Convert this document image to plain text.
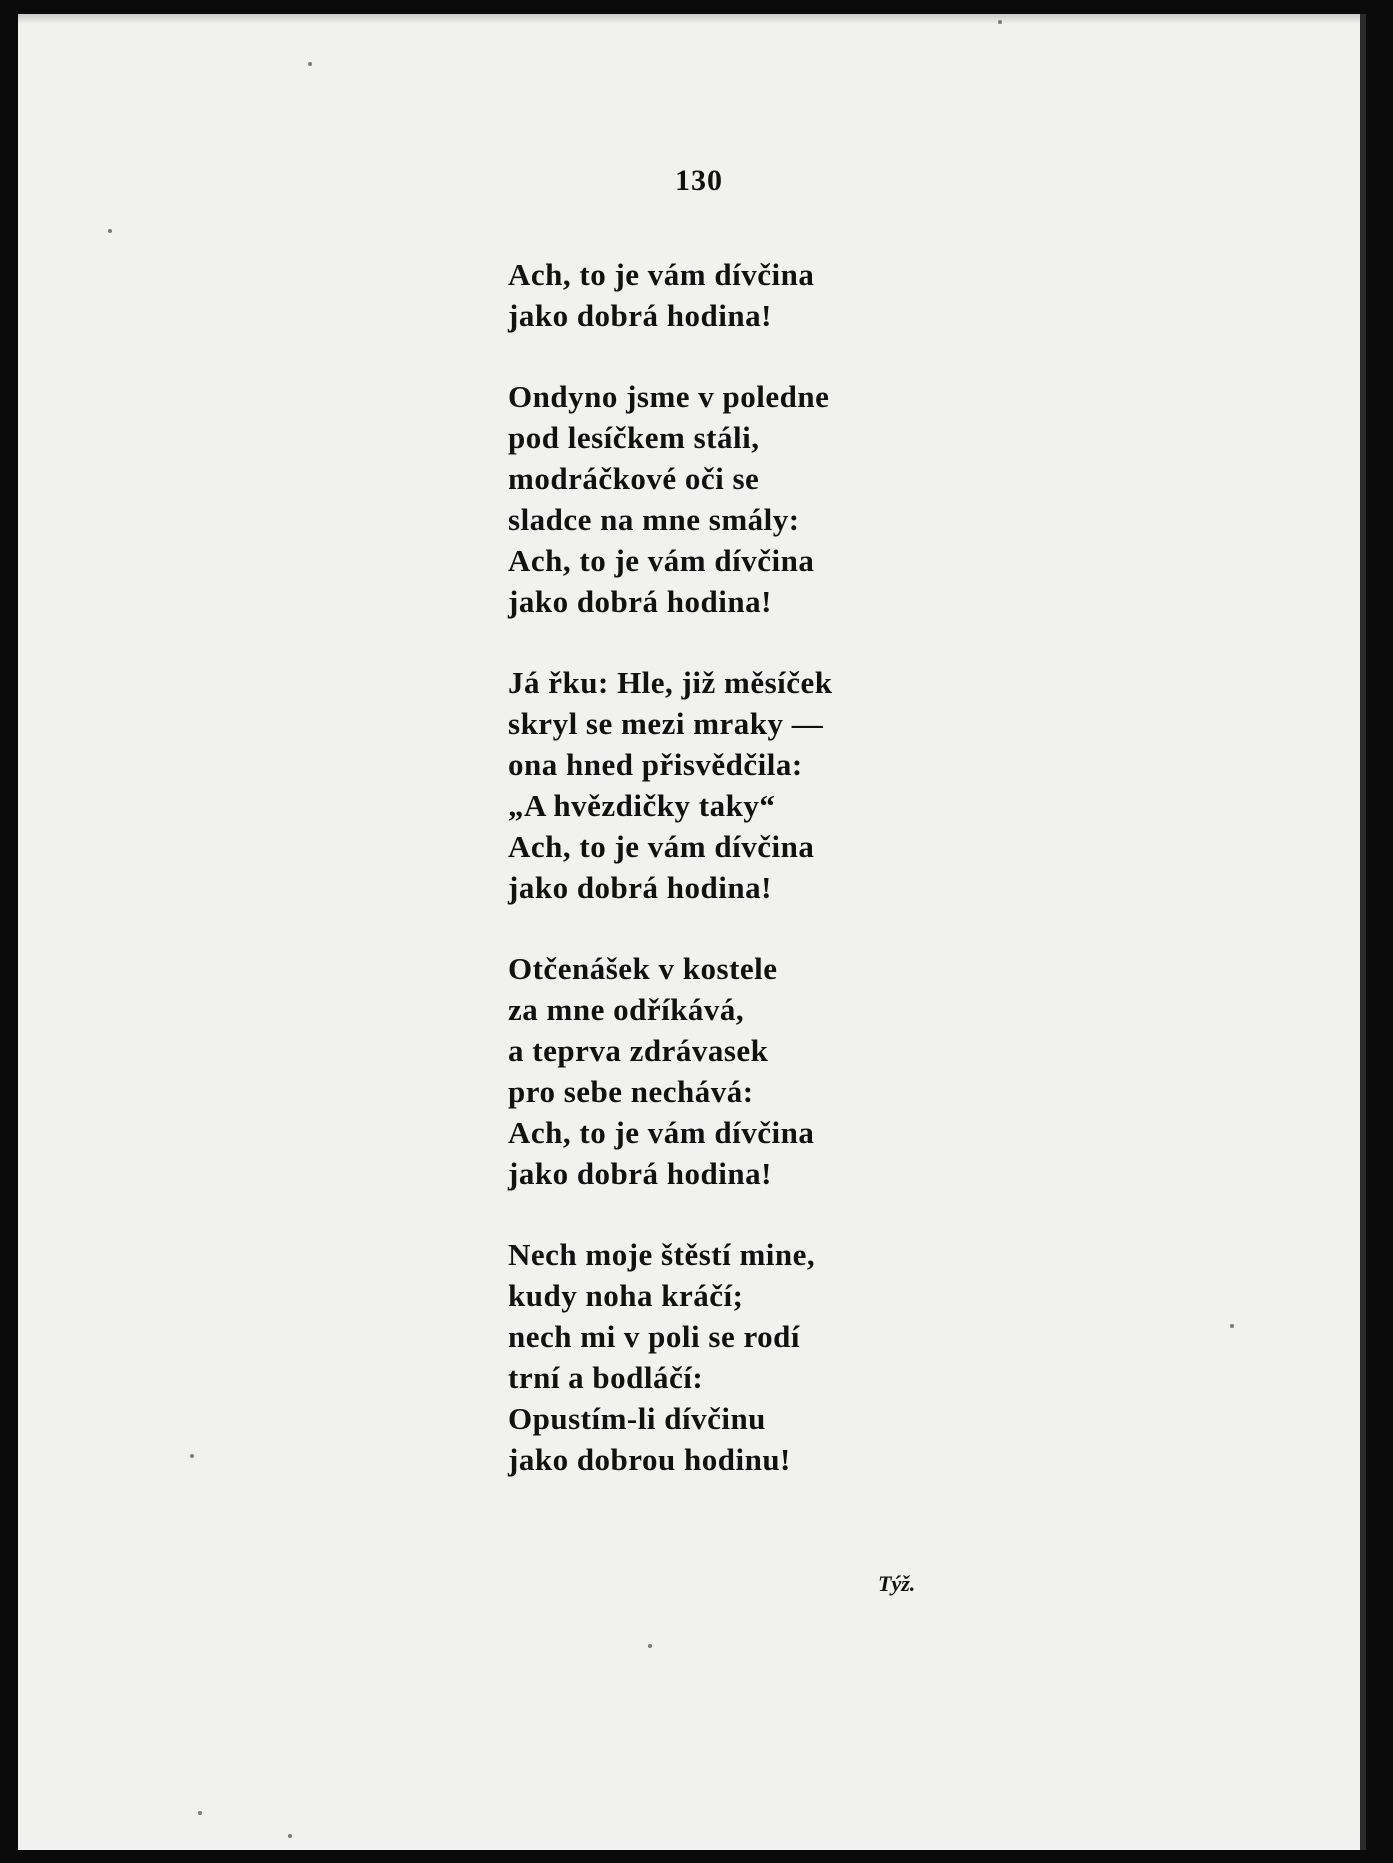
130
Ach, to je vám dívčina
jako dobrá hodina!
Ondyno jsme v poledne
pod lesíčkem stáli,
modráčkové oči se
sladce na mne smály:
Ach, to je vám dívčina
jako dobrá hodina!
Já řku: Hle, již měsíček
skryl se mezi mraky —
ona hned přisvědčila:
„A hvězdičky taky“
Ach, to je vám dívčina
jako dobrá hodina!
Otčenášek v kostele
za mne odříkává,
a teprva zdrávasek
pro sebe nechává:
Ach, to je vám dívčina
jako dobrá hodina!
Nech moje štěstí mine,
kudy noha kráčí;
nech mi v poli se rodí
trní a bodláčí:
Opustím-li dívčinu
jako dobrou hodinu!
Týž.
